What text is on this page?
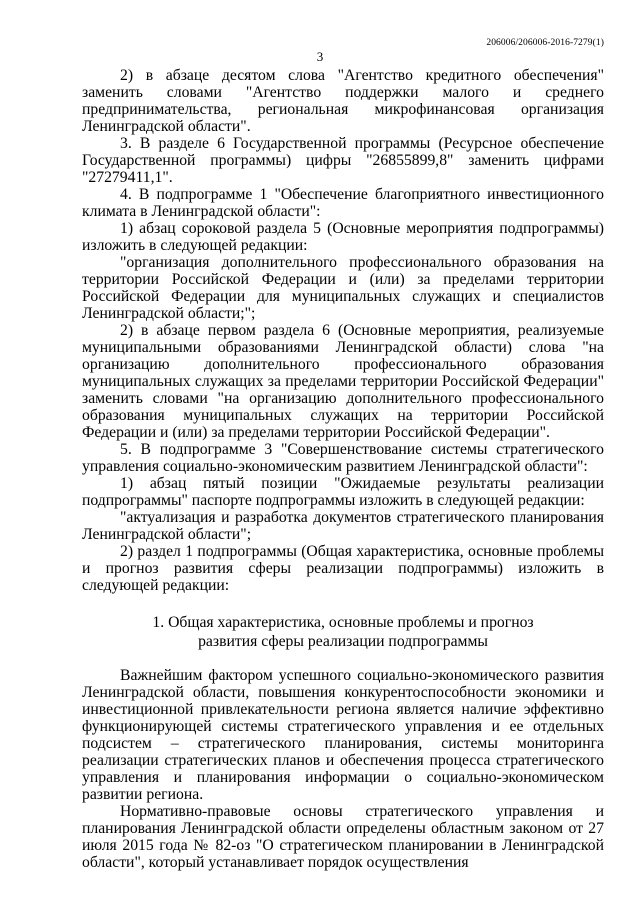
206006/206006-2016-7279(1)
3

2) в абзаце десятом слова "Агентство кредитного обеспечения" заменить словами "Агентство поддержки малого и среднего предпринимательства, региональная микрофинансовая организация Ленинградской области".

3. В разделе 6 Государственной программы (Ресурсное обеспечение Государственной программы) цифры "26855899,8" заменить цифрами "27279411,1".

4. В подпрограмме 1 "Обеспечение благоприятного инвестиционного климата в Ленинградской области":

1) абзац сороковой раздела 5 (Основные мероприятия подпрограммы) изложить в следующей редакции:

"организация дополнительного профессионального образования на территории Российской Федерации и (или) за пределами территории Российской Федерации для муниципальных служащих и специалистов Ленинградской области;";

2) в абзаце первом раздела 6 (Основные мероприятия, реализуемые муниципальными образованиями Ленинградской области) слова "на организацию дополнительного профессионального образования муниципальных служащих за пределами территории Российской Федерации" заменить словами "на организацию дополнительного профессионального образования муниципальных служащих на территории Российской Федерации и (или) за пределами территории Российской Федерации".

5. В подпрограмме 3 "Совершенствование системы стратегического управления социально-экономическим развитием Ленинградской области":

1) абзац пятый позиции "Ожидаемые результаты реализации подпрограммы" паспорте подпрограммы изложить в следующей редакции:

"актуализация и разработка документов стратегического планирования Ленинградской области";

2) раздел 1 подпрограммы (Общая характеристика, основные проблемы и прогноз развития сферы реализации подпрограммы) изложить в следующей редакции:

1. Общая характеристика, основные проблемы и прогноз
развития сферы реализации подпрограммы

Важнейшим фактором успешного социально-экономического развития Ленинградской области, повышения конкурентоспособности экономики и инвестиционной привлекательности региона является наличие эффективно функционирующей системы стратегического управления и ее отдельных подсистем – стратегического планирования, системы мониторинга реализации стратегических планов и обеспечения процесса стратегического управления и планирования информации о социально-экономическом развитии региона.

Нормативно-правовые основы стратегического управления и планирования Ленинградской области определены областным законом от 27 июля 2015 года № 82-оз "О стратегическом планировании в Ленинградской области", который устанавливает порядок осуществления
